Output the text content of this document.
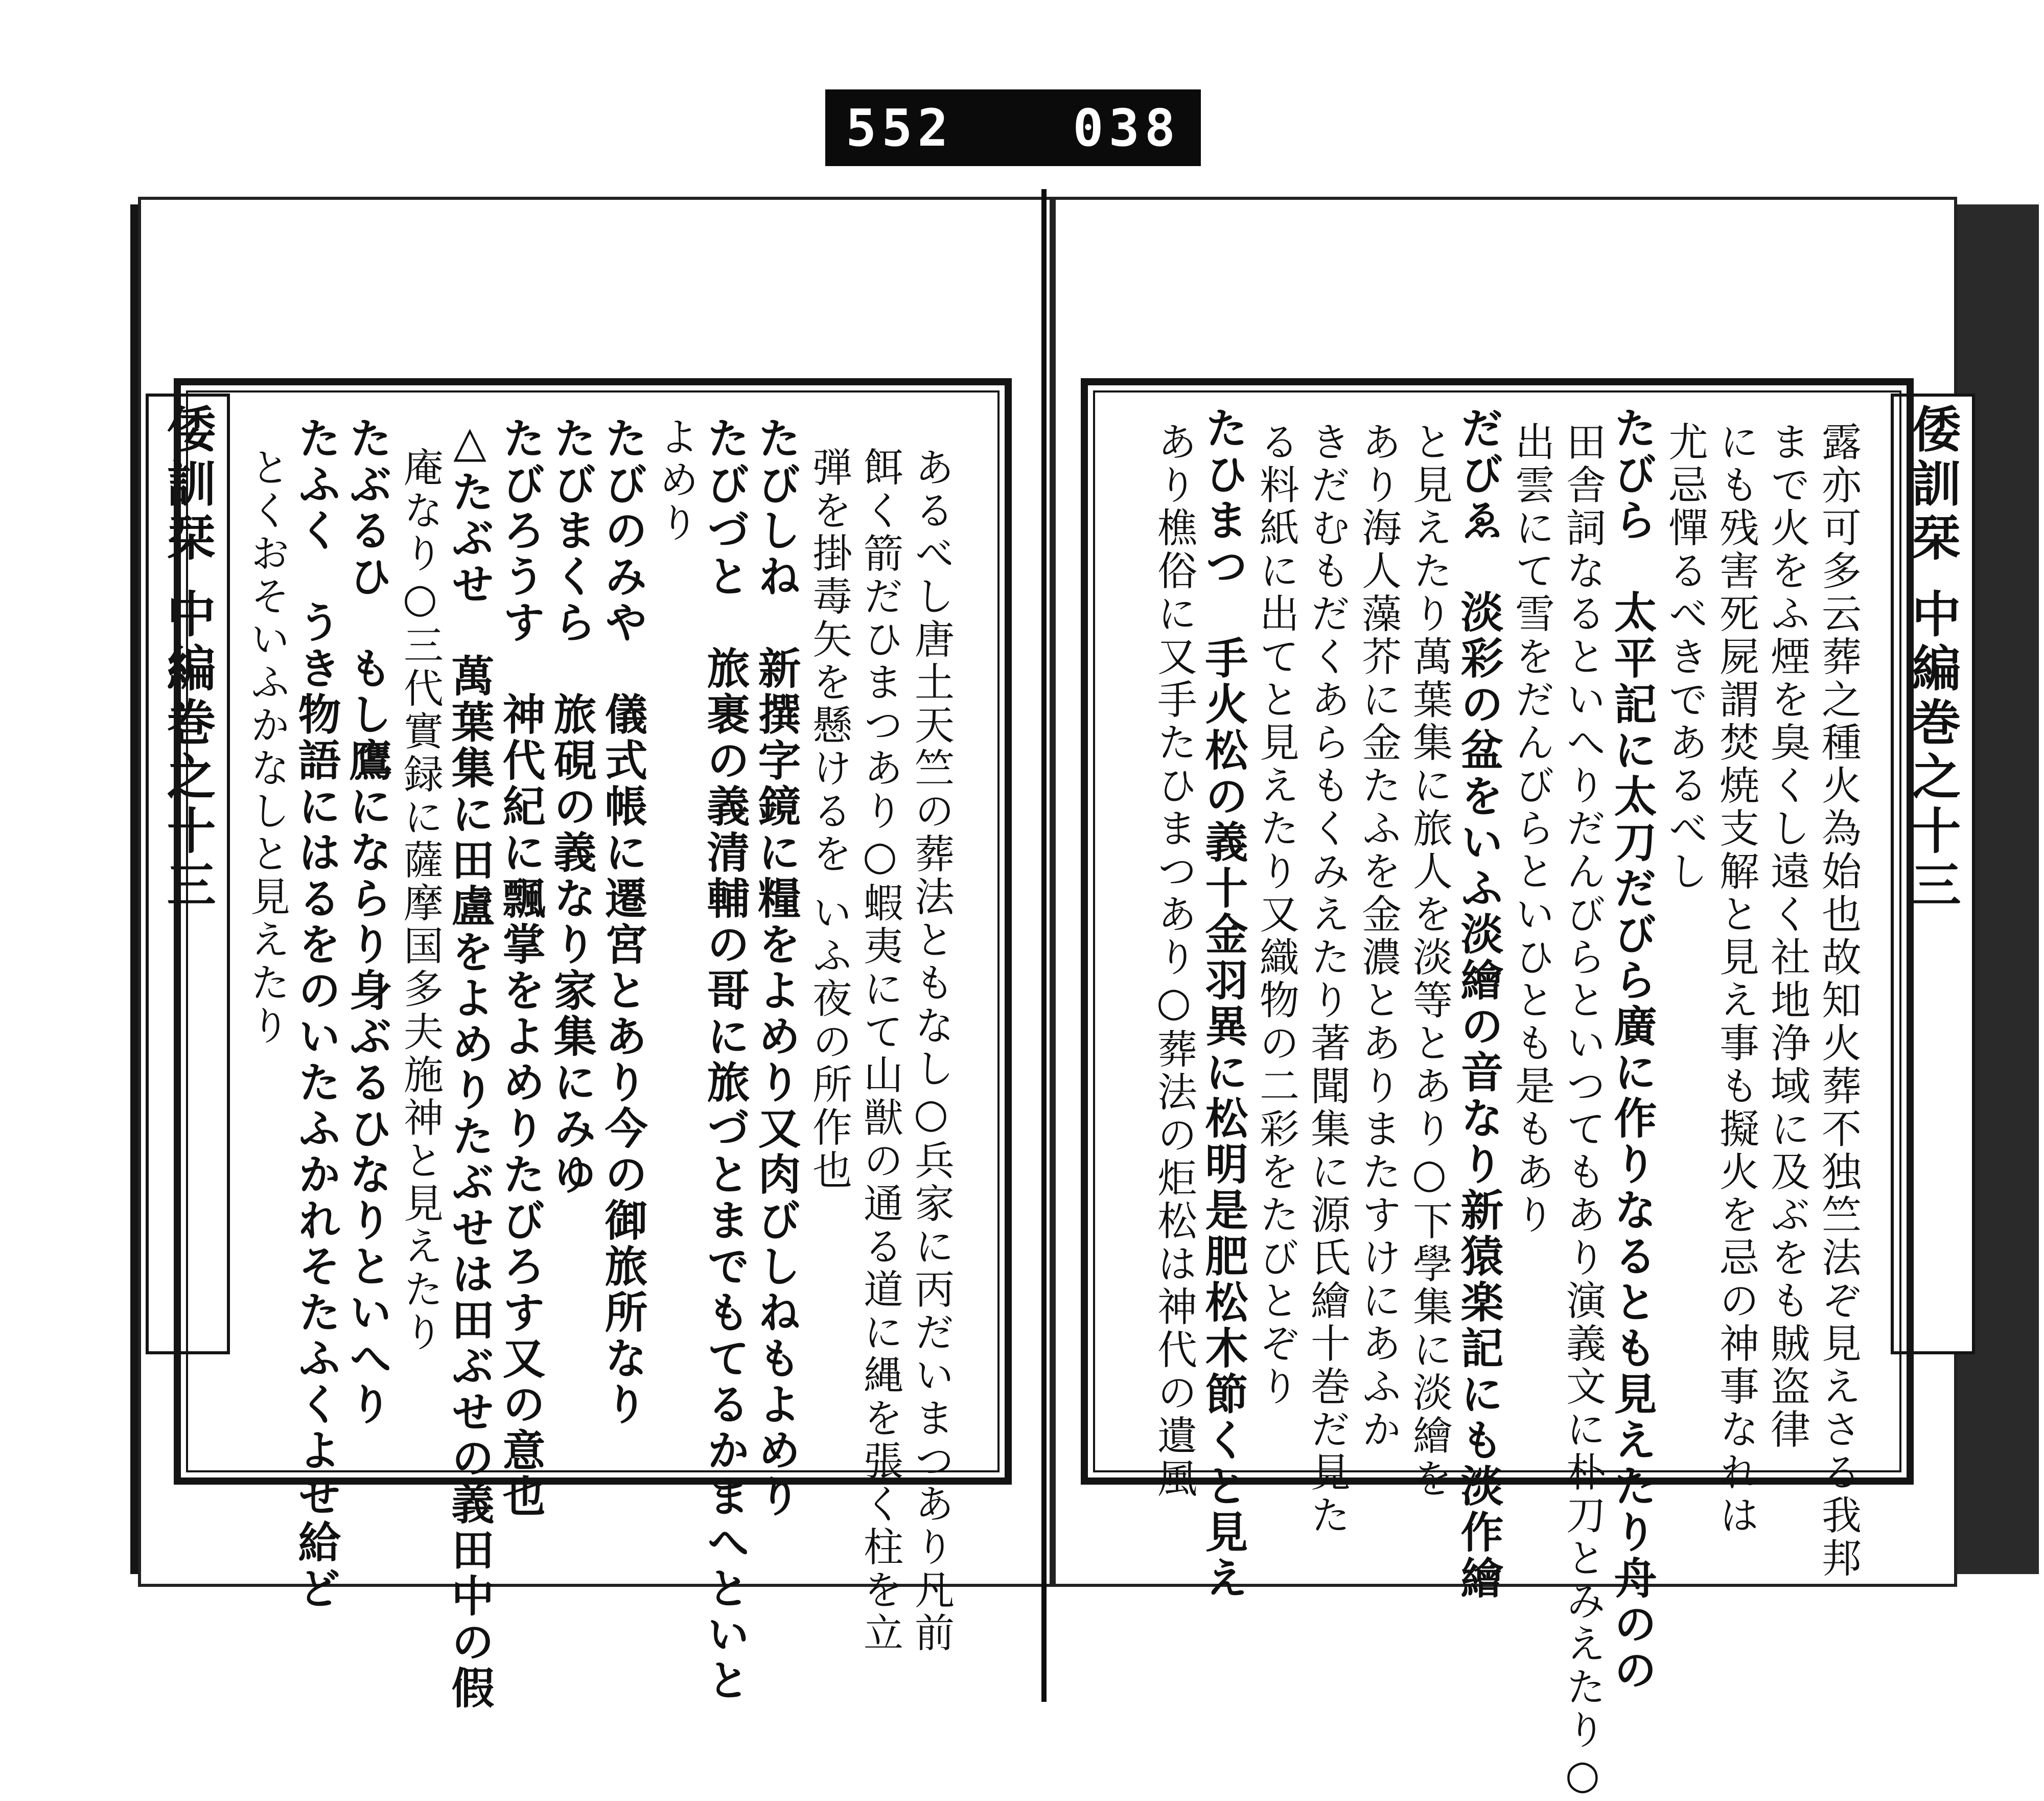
552 038
倭訓栞 中編巻之十三	倭訓栞 中編巻之十三
あるべし唐土天竺の葬法ともなし○兵家に丙だいまつあり凡前
餌く箭だひまつあり○蝦夷にて山獣の通る道に縄を張く柱を立
弾を掛毒矢を懸けるを いふ夜の所作也
たびしね　新撰字鏡に糧をよめり又肉びしねもよめり
たびづと　旅裹の義清輔の哥に旅づとまでもてるかまへといと
よめり
たびのみや　儀式帳に遷宮とあり今の御旅所なり
たびまくら　旅硯の義なり家集にみゆ
たびろうす　神代紀に飄掌をよめりたびろす又の意也
△たぶせ　萬葉集に田盧をよめりたぶせは田ぶせの義田中の假
庵なり○三代實録に薩摩国多夫施神と見えたり
たぶるひ　もし鷹にならり身ぶるひなりといへり
たふく　うき物語にはるをのいたふかれそたふくよせ給ど
とくおそいふかなしと見えたり	露亦可多云葬之種火為始也故知火葬不独竺法ぞ見えさる我邦
まで火をふ煙を臭くし遠く社地浄域に及ぶをも賊盗律
にも残害死屍謂焚焼支解と見え事も擬火を忌の神事なれは
尤忌憚るべきであるべし
たびら　太平記に太刀だびら廣に作りなるとも見えたり舟のの
田舎詞なるといへりだんびらといつてもあり演義文に朴刀とみえたり○
出雲にて雪をだんびらといひとも是もあり
だびゑ　淡彩の盆をいふ淡繪の音なり新猿楽記にも淡作繪
と見えたり萬葉集に旅人を淡等とあり○下學集に淡繪を
あり海人藻芥に金たふを金濃とありまたすけにあふか
きだむもだくあらもくみえたり著聞集に源氏繪十巻だ見た
る料紙に出てと見えたり又織物の二彩をたびとぞり
たひまつ　手火松の義十金羽異に松明是肥松木節くと見え
あり樵俗に又手たひまつあり○葬法の炬松は神代の遺風
